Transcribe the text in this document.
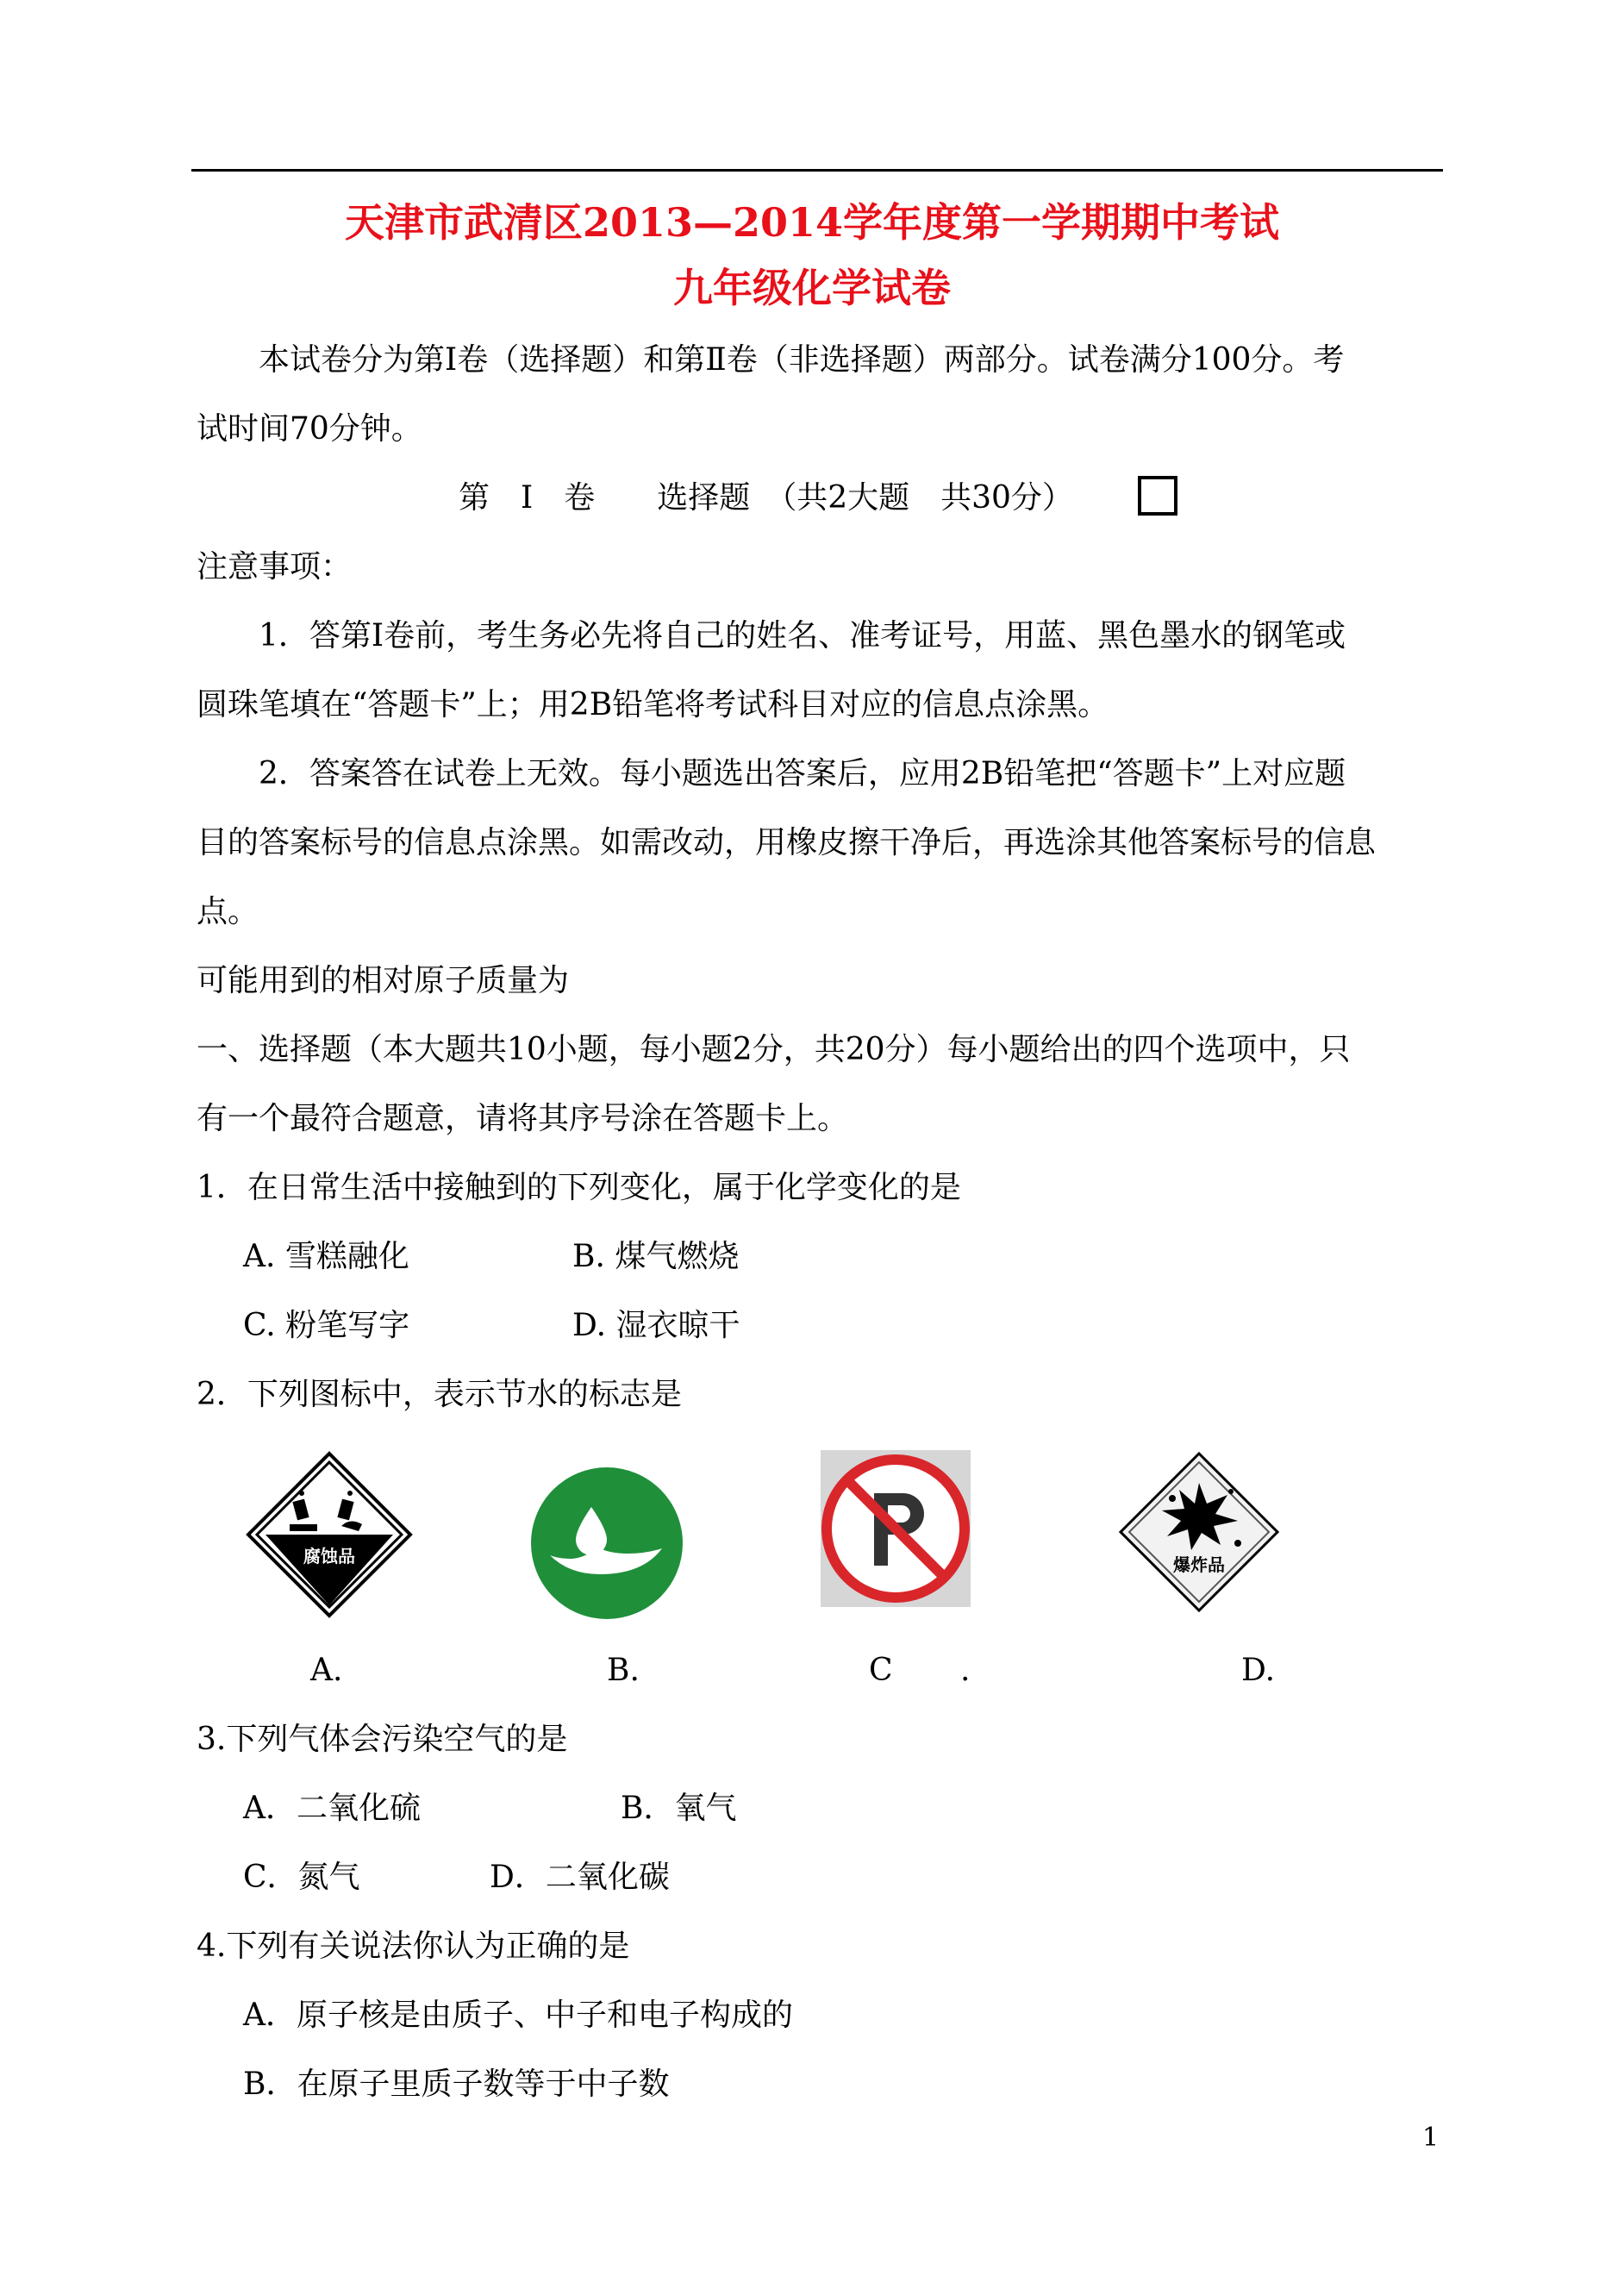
天津市武清区2013—2014学年度第一学期期中考试
九年级化学试卷
本试卷分为第Ⅰ卷（选择题）和第Ⅱ卷（非选择题）两部分。试卷满分100分。考
试时间70分钟。
第　Ⅰ　卷　　选择题　（共2大题　共30分）
注意事项：
1．答第Ⅰ卷前，考生务必先将自己的姓名、准考证号，用蓝、黑色墨水的钢笔或
圆珠笔填在“答题卡”上；用2B铅笔将考试科目对应的信息点涂黑。
2．答案答在试卷上无效。每小题选出答案后，应用2B铅笔把“答题卡”上对应题
目的答案标号的信息点涂黑。如需改动，用橡皮擦干净后，再选涂其他答案标号的信息
点。
可能用到的相对原子质量为
一、选择题（本大题共10小题，每小题2分，共20分）每小题给出的四个选项中，只
有一个最符合题意，请将其序号涂在答题卡上。
1．在日常生活中接触到的下列变化，属于化学变化的是
A. 雪糕融化	B. 煤气燃烧
C. 粉笔写字	D. 湿衣晾干
2．下列图标中，表示节水的标志是
腐蚀品	爆炸品
A.	B.	C .	D.
3.下列气体会污染空气的是
A．二氧化硫	B．氧气
C．氮气	D．二氧化碳
4.下列有关说法你认为正确的是
A．原子核是由质子、中子和电子构成的
B．在原子里质子数等于中子数
1
